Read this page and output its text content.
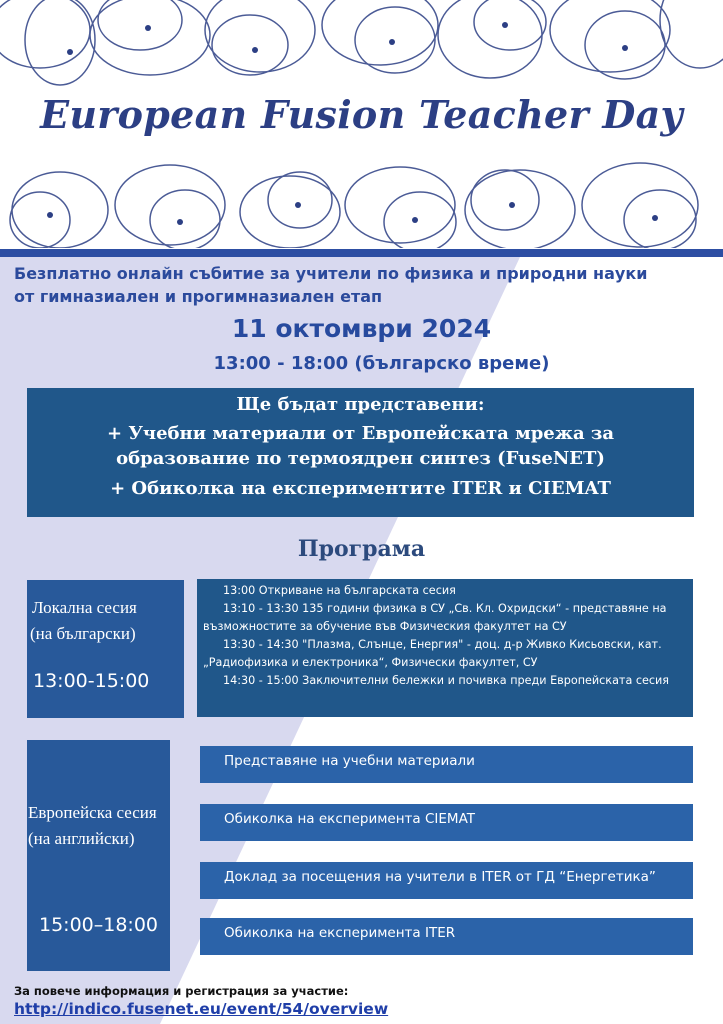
European Fusion Teacher Day
Безплатно онлайн събитие за учители по физика и природни науки
от гимназиален и прогимназиален етап
11 октомври 2024
13:00 - 18:00 (българско време)
Ще бъдат представени:
+ Учебни материали от Европейската мрежа за
образование по термоядрен синтез (FuseNET)
+ Обиколка на експериментите ITER и CIEMAT
Програма
Локална сесия
(на български)
13:00-15:00
13:00 Откриване на българската сесия
13:10 - 13:30 135 години физика в СУ „Св. Кл. Охридски“ - представяне на
възможностите за обучение във Физическия факултет на СУ
13:30 - 14:30 "Плазма, Слънце, Енергия" - доц. д-р Живко Кисьовски, кат.
„Радиофизика и електроника“, Физически факултет, СУ
14:30 - 15:00 Заключителни бележки и почивка преди Европейската сесия
Европейска сесия
(на английски)
15:00–18:00
Представяне на учебни материали
Обиколка на експеримента CIEMAT
Доклад за посещения на учители в ITER от ГД “Енергетика”
Обиколка на експеримента ITER
За повече информация и регистрация за участие: http://indico.fusenet.eu/event/54/overview
